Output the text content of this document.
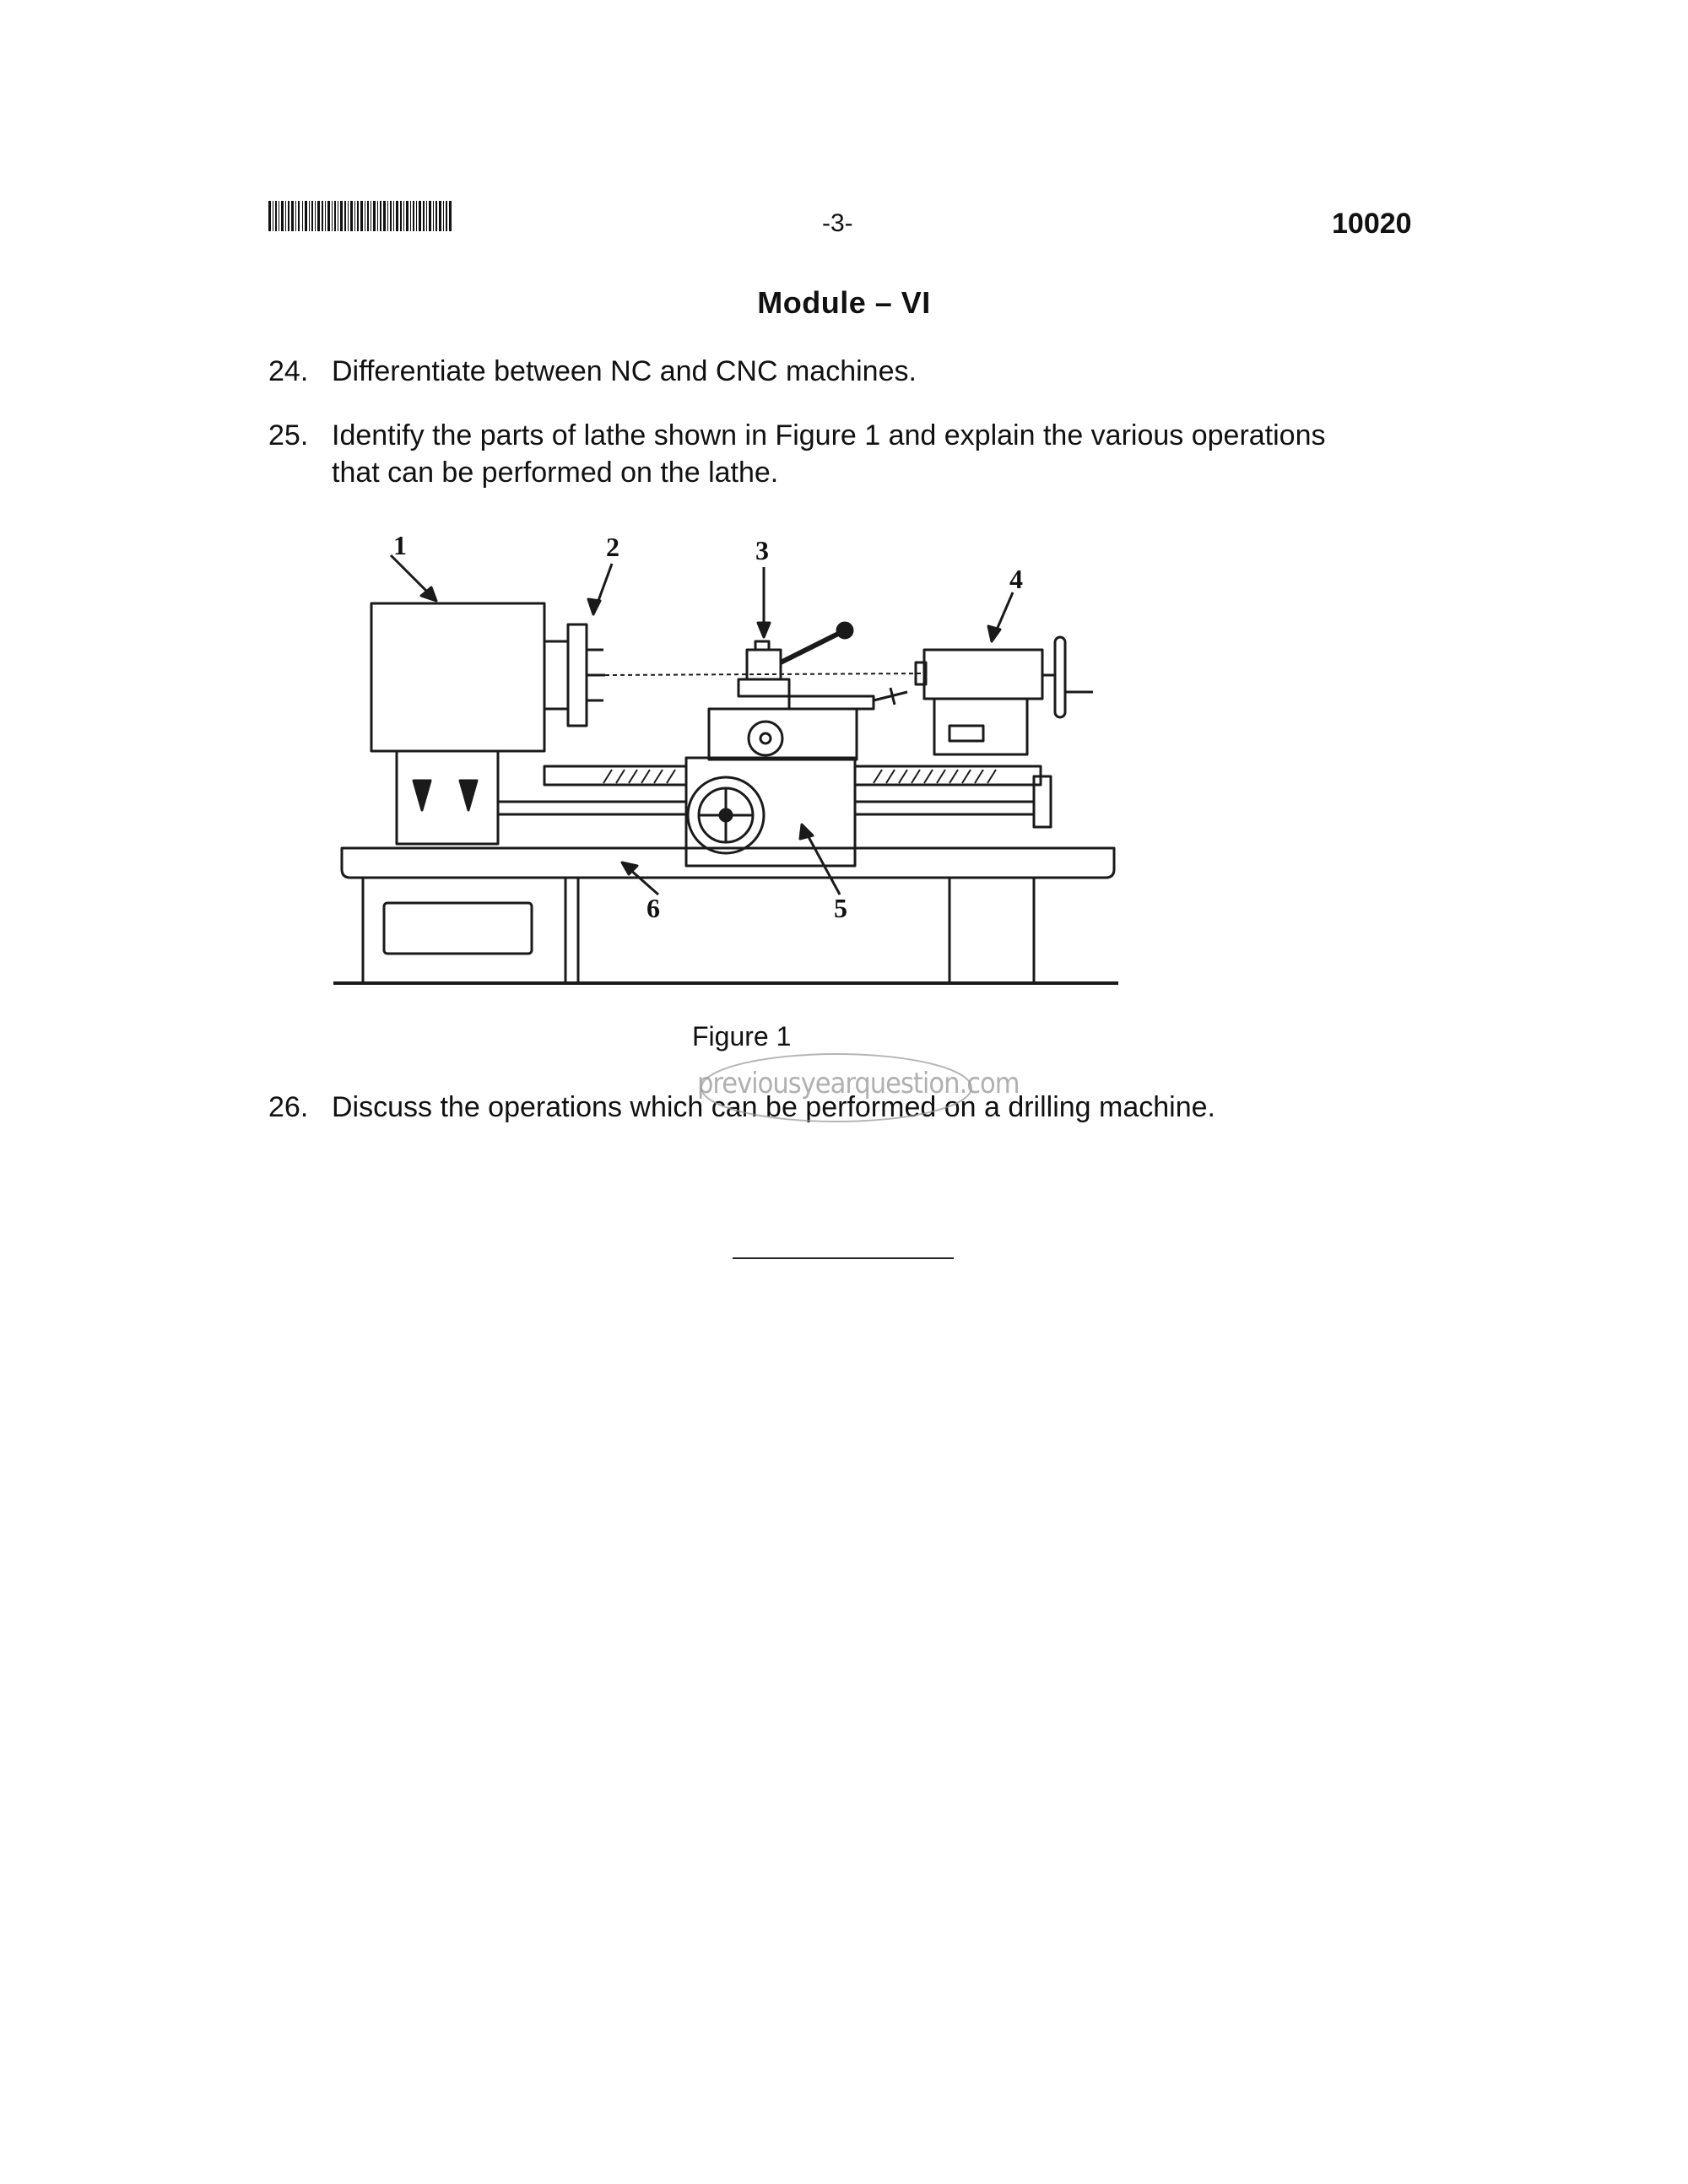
-3-	10020
Module – VI
24. Differentiate between NC and CNC machines.
25. Identify the parts of lathe shown in Figure 1 and explain the various operations that can be performed on the lathe.
1	2	3
4
5
6
Figure 1
26. Discuss the operations which can be performed on a drilling machine.
previousyearquestion.com
